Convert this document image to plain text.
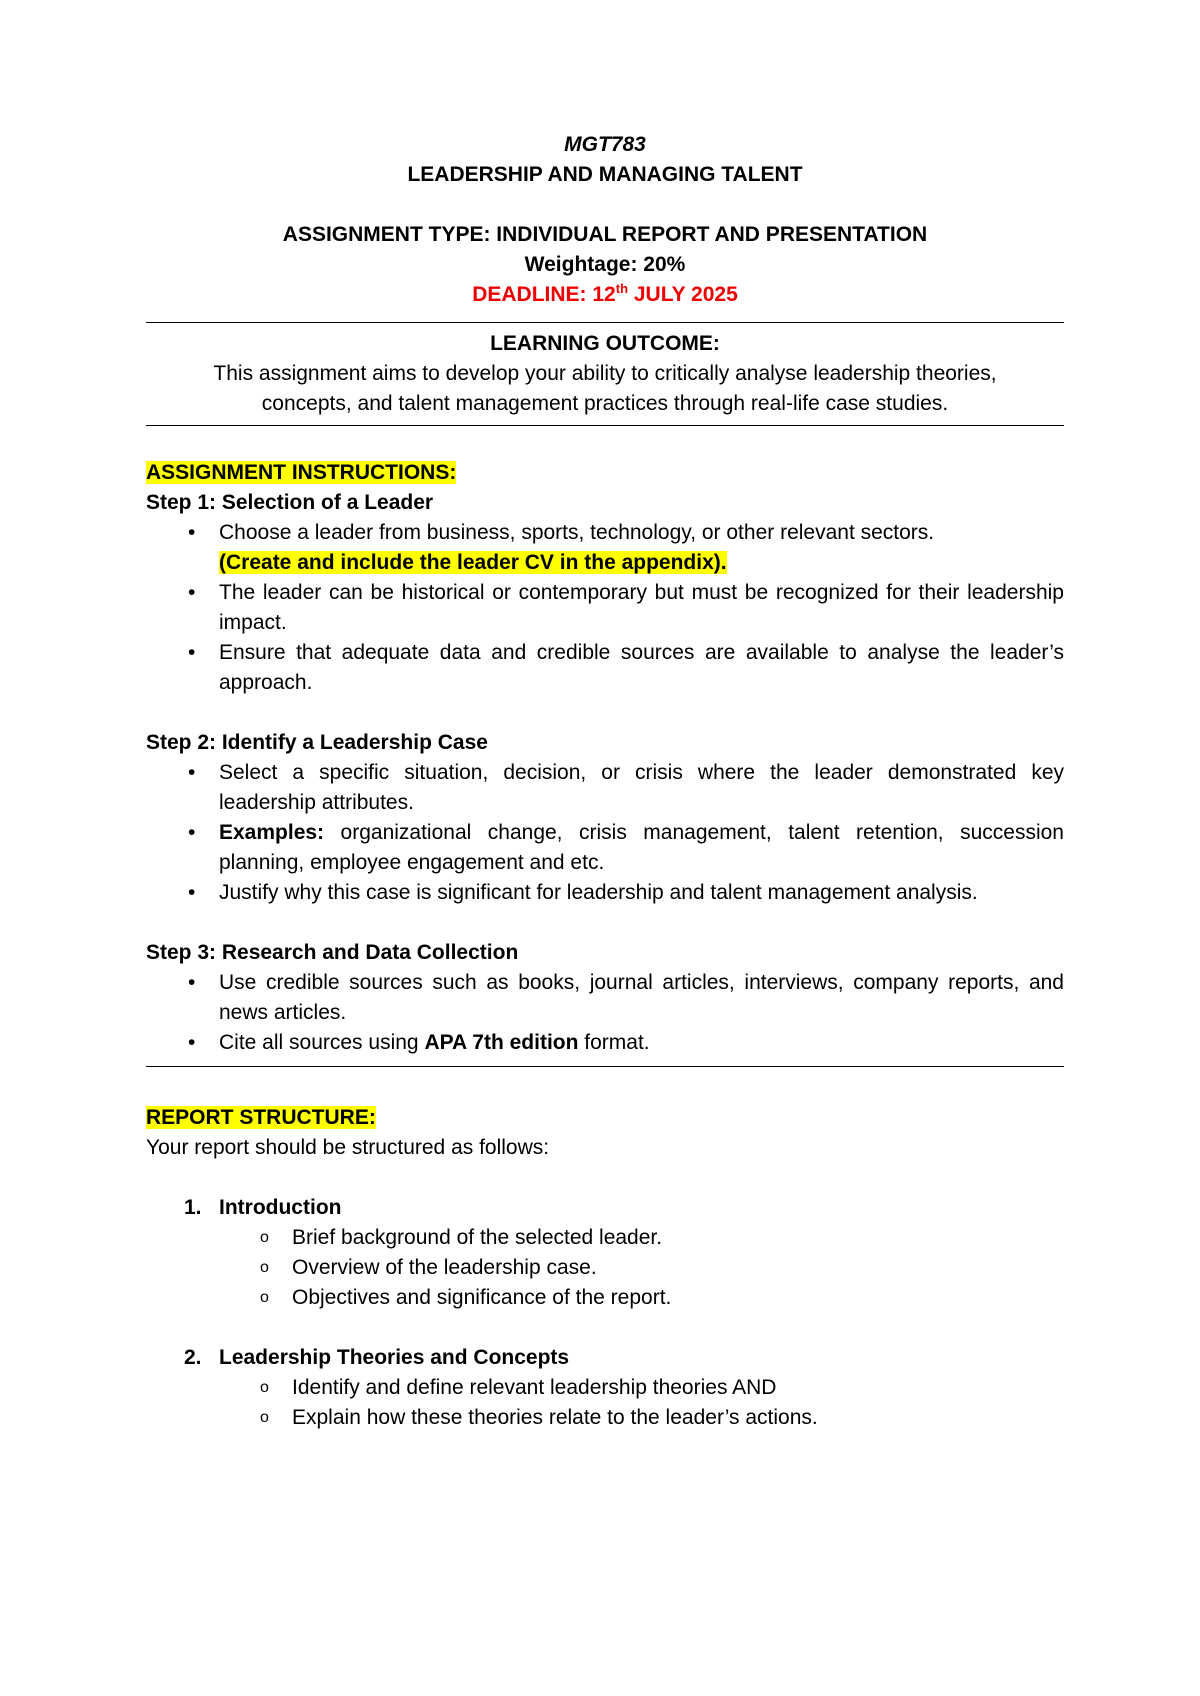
MGT783

LEADERSHIP AND MANAGING TALENT

ASSIGNMENT TYPE: INDIVIDUAL REPORT AND PRESENTATION

Weightage: 20%

DEADLINE: 12th JULY 2025

LEARNING OUTCOME:

This assignment aims to develop your ability to critically analyse leadership theories,

concepts, and talent management practices through real-life case studies.

ASSIGNMENT INSTRUCTIONS:

Step 1: Selection of a Leader

• Choose a leader from business, sports, technology, or other relevant sectors.
(Create and include the leader CV in the appendix).
• The leader can be historical or contemporary but must be recognized for their leadership impact.
• Ensure that adequate data and credible sources are available to analyse the leader’s approach.

Step 2: Identify a Leadership Case

• Select a specific situation, decision, or crisis where the leader demonstrated key leadership attributes.
• Examples: organizational change, crisis management, talent retention, succession planning, employee engagement and etc.
• Justify why this case is significant for leadership and talent management analysis.

Step 3: Research and Data Collection

• Use credible sources such as books, journal articles, interviews, company reports, and news articles.
• Cite all sources using APA 7th edition format.

REPORT STRUCTURE:

Your report should be structured as follows:

1. Introduction
o Brief background of the selected leader.
o Overview of the leadership case.
o Objectives and significance of the report.
2. Leadership Theories and Concepts
o Identify and define relevant leadership theories AND
o Explain how these theories relate to the leader’s actions.
